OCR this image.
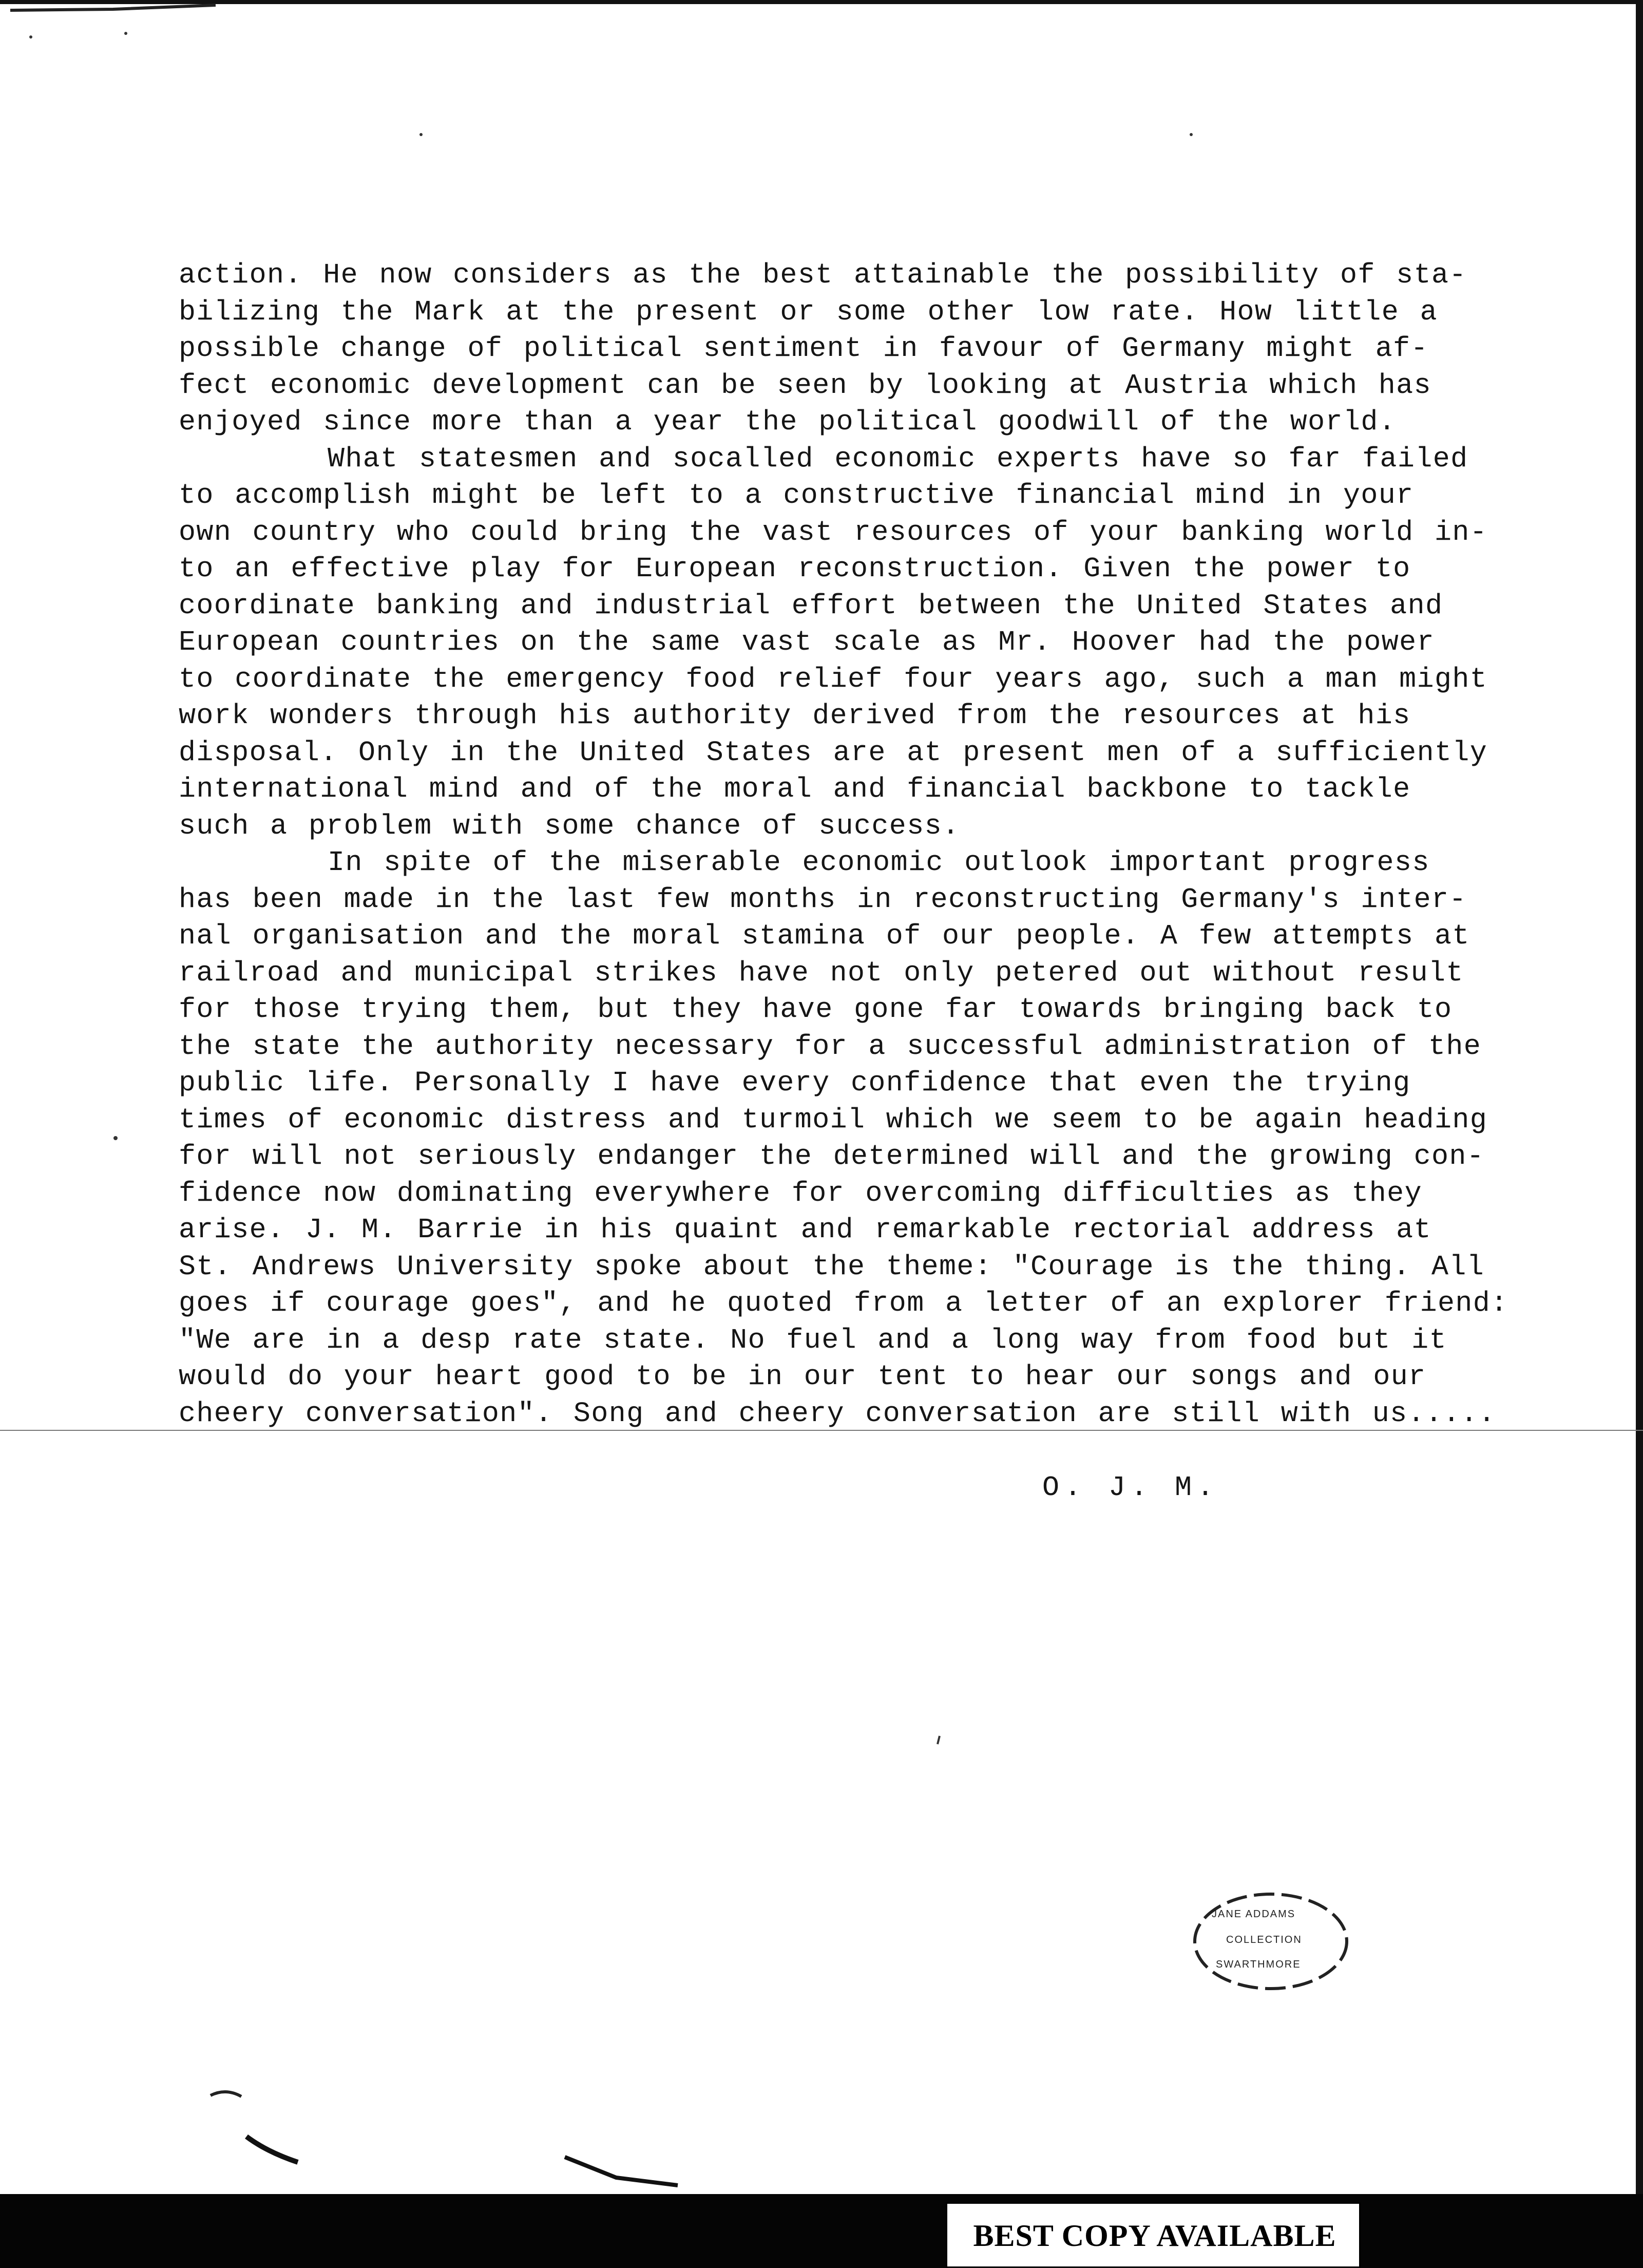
action. He now considers as the best attainable the possibility of sta-
bilizing the Mark at the present or some other low rate. How little a
possible change of political sentiment in favour of Germany might af-
fect economic development can be seen by looking at Austria which has
enjoyed since more than a year the political goodwill of the world.
What statesmen and socalled economic experts have so far failed
to accomplish might be left to a constructive financial mind in your
own country who could bring the vast resources of your banking world in-
to an effective play for European reconstruction. Given the power to
coordinate banking and industrial effort between the United States and
European countries on the same vast scale as Mr. Hoover had the power
to coordinate the emergency food relief four years ago, such a man might
work wonders through his authority derived from the resources at his
disposal. Only in the United States are at present men of a sufficiently
international mind and of the moral and financial backbone to tackle
such a problem with some chance of success.
In spite of the miserable economic outlook important progress
has been made in the last few months in reconstructing Germany's inter-
nal organisation and the moral stamina of our people. A few attempts at
railroad and municipal strikes have not only petered out without result
for those trying them, but they have gone far towards bringing back to
the state the authority necessary for a successful administration of the
public life. Personally I have every confidence that even the trying
times of economic distress and turmoil which we seem to be again heading
for will not seriously endanger the determined will and the growing con-
fidence now dominating everywhere for overcoming difficulties as they
arise. J. M. Barrie in his quaint and remarkable rectorial address at
St. Andrews University spoke about the theme: "Courage is the thing. All
goes if courage goes", and he quoted from a letter of an explorer friend:
"We are in a desp rate state. No fuel and a long way from food but it
would do your heart good to be in our tent to hear our songs and our
cheery conversation". Song and cheery conversation are still with us.....
O. J. M.
JANE ADDAMS
COLLECTION
SWARTHMORE
BEST COPY AVAILABLE
